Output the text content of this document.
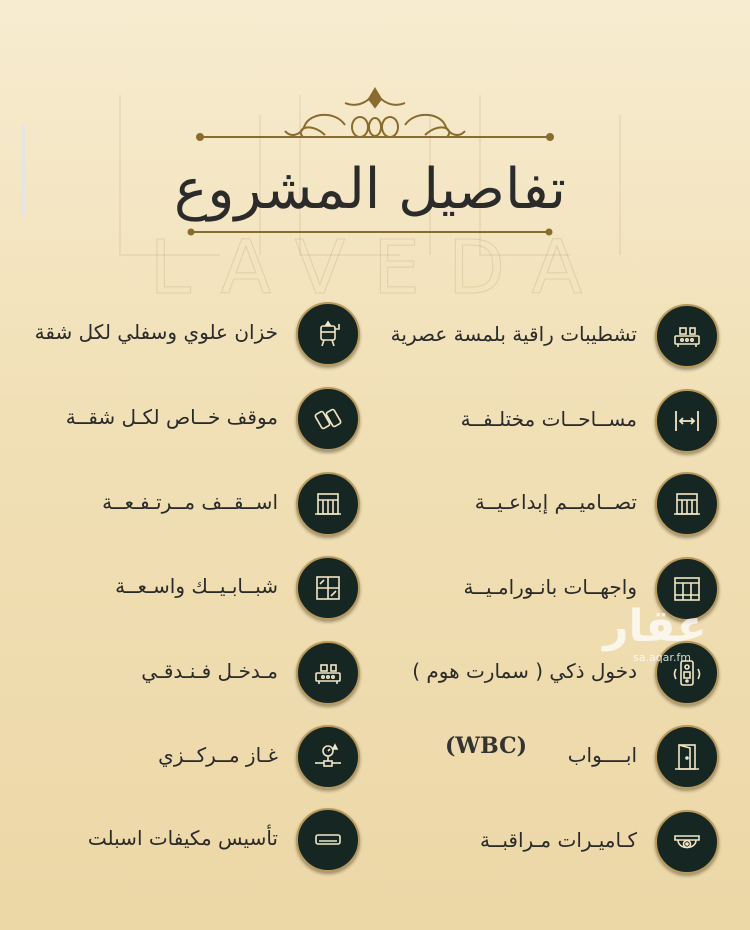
LAVEDA
تفاصيل المشروع
تشطيبات راقية بلمسة عصرية
مســاحــات مختلـفــة
تصــاميــم إبداعـيــة
واجهــات بانـورامـيــة
دخول ذكي ( سمارت هوم )
ابــــواب
(WBC)
كـاميـرات مـراقبــة
خزان علوي وسفلي لكل شقة
موقف خــاص لكـل شقــة
اســقــف مــرتـفـعــة
شبــابـيــك واسـعــة
مـدخـل فـنـدقـي
غـاز مــركــزي
تأسيس مكيفات اسبلت
عقار
sa.aqar.fm
